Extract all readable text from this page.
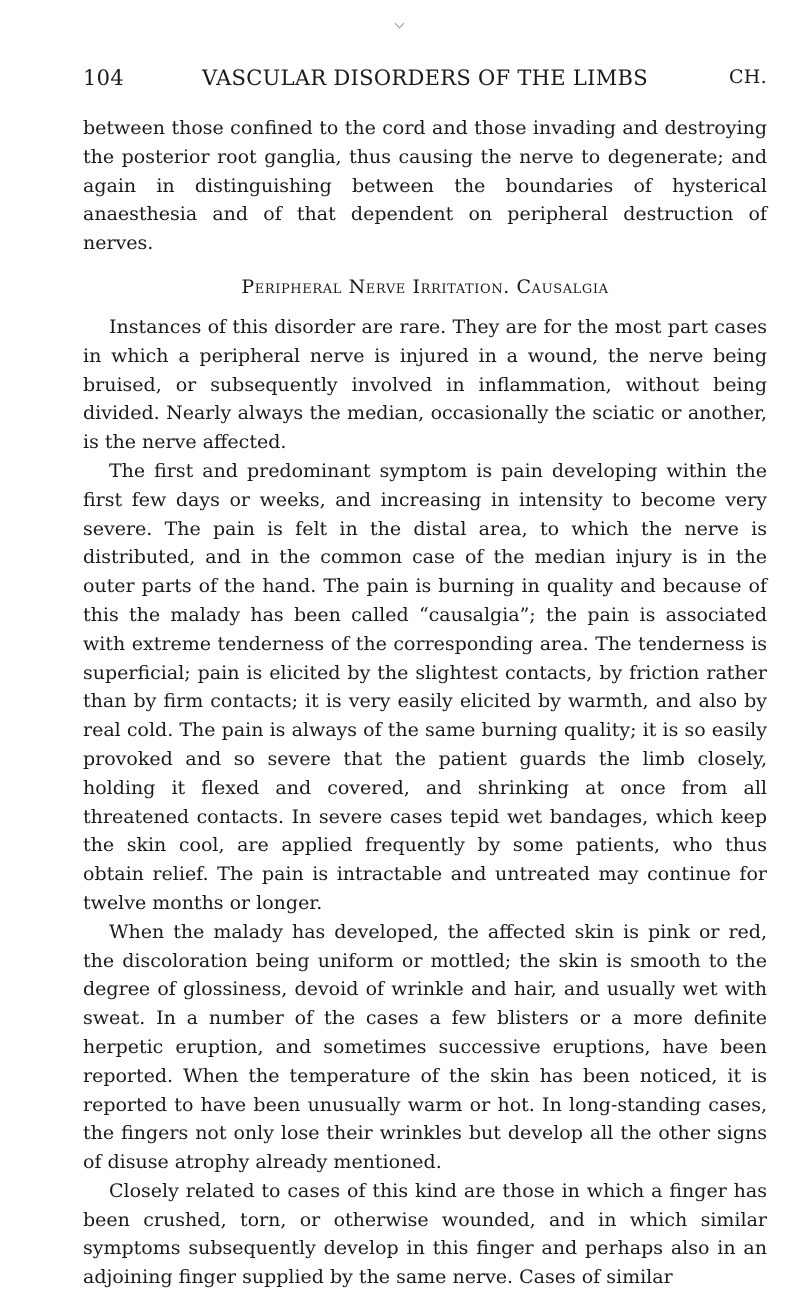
104	VASCULAR DISORDERS OF THE LIMBS	CH.

between those confined to the cord and those invading and destroying the posterior root ganglia, thus causing the nerve to degenerate; and again in distinguishing between the boundaries of hysterical anaesthesia and of that dependent on peripheral destruction of nerves.

Peripheral Nerve Irritation. Causalgia

Instances of this disorder are rare. They are for the most part cases in which a peripheral nerve is injured in a wound, the nerve being bruised, or subsequently involved in inflammation, without being divided. Nearly always the median, occasionally the sciatic or another, is the nerve affected.

The first and predominant symptom is pain developing within the first few days or weeks, and increasing in intensity to become very severe. The pain is felt in the distal area, to which the nerve is distributed, and in the common case of the median injury is in the outer parts of the hand. The pain is burning in quality and because of this the malady has been called “causalgia”; the pain is associated with extreme tenderness of the corresponding area. The tenderness is superficial; pain is elicited by the slightest contacts, by friction rather than by firm contacts; it is very easily elicited by warmth, and also by real cold. The pain is always of the same burning quality; it is so easily provoked and so severe that the patient guards the limb closely, holding it flexed and covered, and shrinking at once from all threatened contacts. In severe cases tepid wet bandages, which keep the skin cool, are applied frequently by some patients, who thus obtain relief. The pain is intractable and untreated may continue for twelve months or longer.

When the malady has developed, the affected skin is pink or red, the discoloration being uniform or mottled; the skin is smooth to the degree of glossiness, devoid of wrinkle and hair, and usually wet with sweat. In a number of the cases a few blisters or a more definite herpetic eruption, and sometimes successive eruptions, have been reported. When the temperature of the skin has been noticed, it is reported to have been unusually warm or hot. In long-standing cases, the fingers not only lose their wrinkles but develop all the other signs of disuse atrophy already mentioned.

Closely related to cases of this kind are those in which a finger has been crushed, torn, or otherwise wounded, and in which similar symptoms subsequently develop in this finger and perhaps also in an adjoining finger supplied by the same nerve. Cases of similar
